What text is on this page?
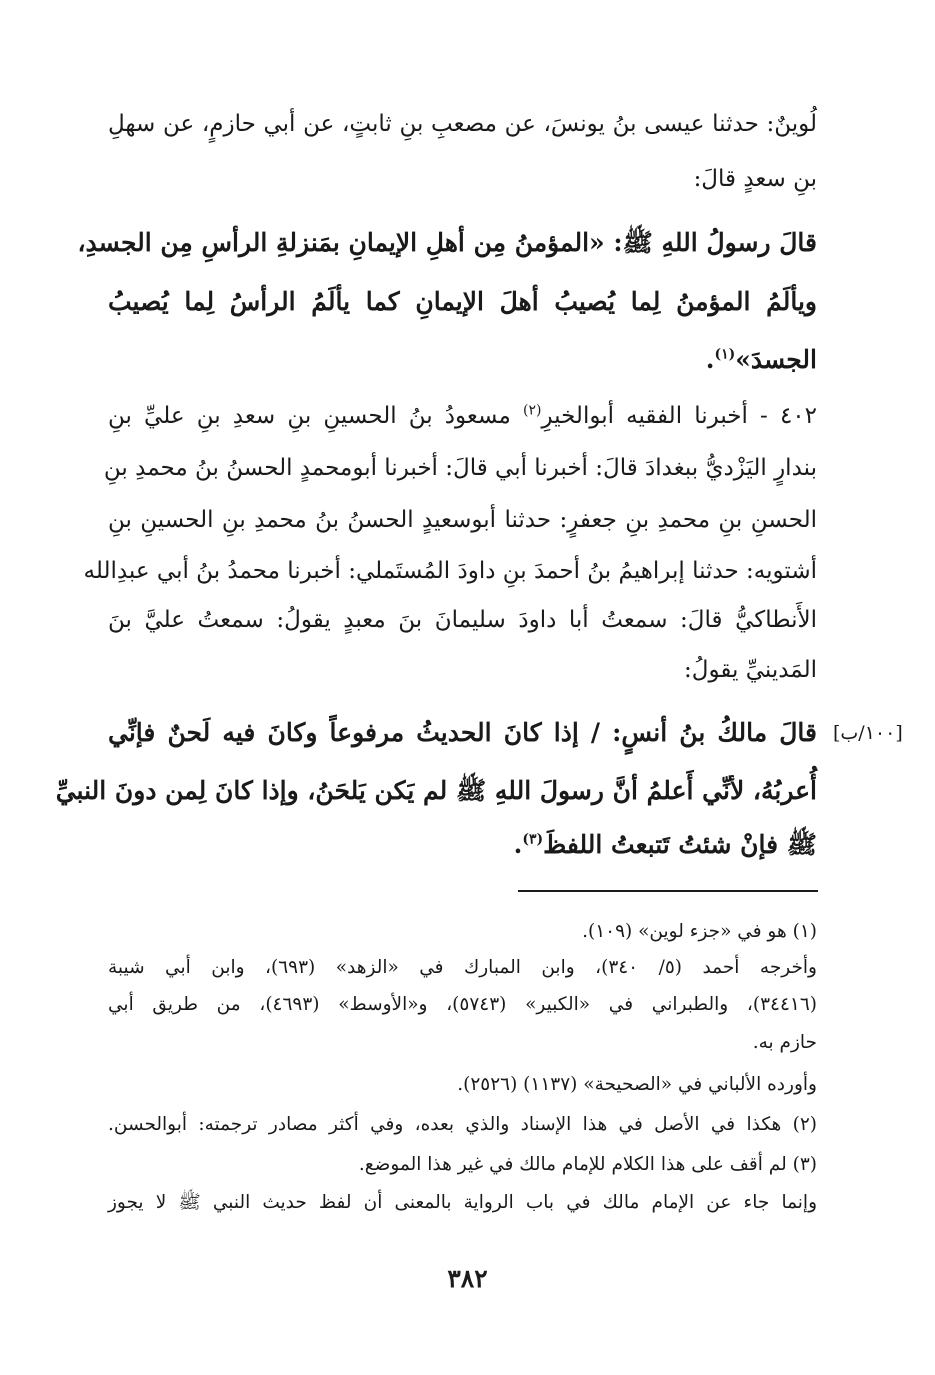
لُوينٌ: حدثنا عيسى بنُ يونسَ، عن مصعبِ بنِ ثابتٍ، عن أبي حازمٍ، عن سهلِ
بنِ سعدٍ قالَ:
قالَ رسولُ اللهِ ﷺ: «المؤمنُ مِن أهلِ الإيمانِ بمَنزلةِ الرأسِ مِن الجسدِ،
ويألَمُ المؤمنُ لِما يُصيبُ أهلَ الإيمانِ كما يألَمُ الرأسُ لِما يُصيبُ
الجسدَ»$^{(١)}$.
٤٠٢ - أخبرنا الفقيه أبوالخيرِ$^{(٢)}$ مسعودُ بنُ الحسينِ بنِ سعدِ بنِ عليِّ بنِ
بندارٍ اليَزْديُّ ببغدادَ قالَ: أخبرنا أبي قالَ: أخبرنا أبومحمدٍ الحسنُ بنُ محمدِ بنِ
الحسنِ بنِ محمدِ بنِ جعفرٍ: حدثنا أبوسعيدٍ الحسنُ بنُ محمدِ بنِ الحسينِ بنِ
أشتويه: حدثنا إبراهيمُ بنُ أحمدَ بنِ داودَ المُستَملي: أخبرنا محمدُ بنُ أبي عبدِالله
الأَنطاكيُّ قالَ: سمعتُ أبا داودَ سليمانَ بنَ معبدٍ يقولُ: سمعتُ عليَّ بنَ
المَدينيِّ يقولُ:
قالَ مالكُ بنُ أنسٍ: / إذا كانَ الحديثُ مرفوعاً وكانَ فيه لَحنٌ فإنِّي
أُعربُهُ، لأنِّي أَعلمُ أنَّ رسولَ اللهِ ﷺ لم يَكن يَلحَنُ، وإذا كانَ لِمن دونَ النبيِّ
ﷺ فإنْ شئتُ تَتبعتُ اللفظَ$^{(٣)}$.
[١٠٠/ب]
(١) هو في «جزء لوين» (١٠٩).
وأخرجه أحمد (٥/ ٣٤٠)، وابن المبارك في «الزهد» (٦٩٣)، وابن أبي شيبة
(٣٤٤١٦)، والطبراني في «الكبير» (٥٧٤٣)، و«الأوسط» (٤٦٩٣)، من طريق أبي
حازم به.
وأورده الألباني في «الصحيحة» (١١٣٧) (٢٥٢٦).
(٢) هكذا في الأصل في هذا الإسناد والذي بعده، وفي أكثر مصادر ترجمته: أبوالحسن.
(٣) لم أقف على هذا الكلام للإمام مالك في غير هذا الموضع.
وإنما جاء عن الإمام مالك في باب الرواية بالمعنى أن لفظ حديث النبي ﷺ لا يجوز
٣٨٢
